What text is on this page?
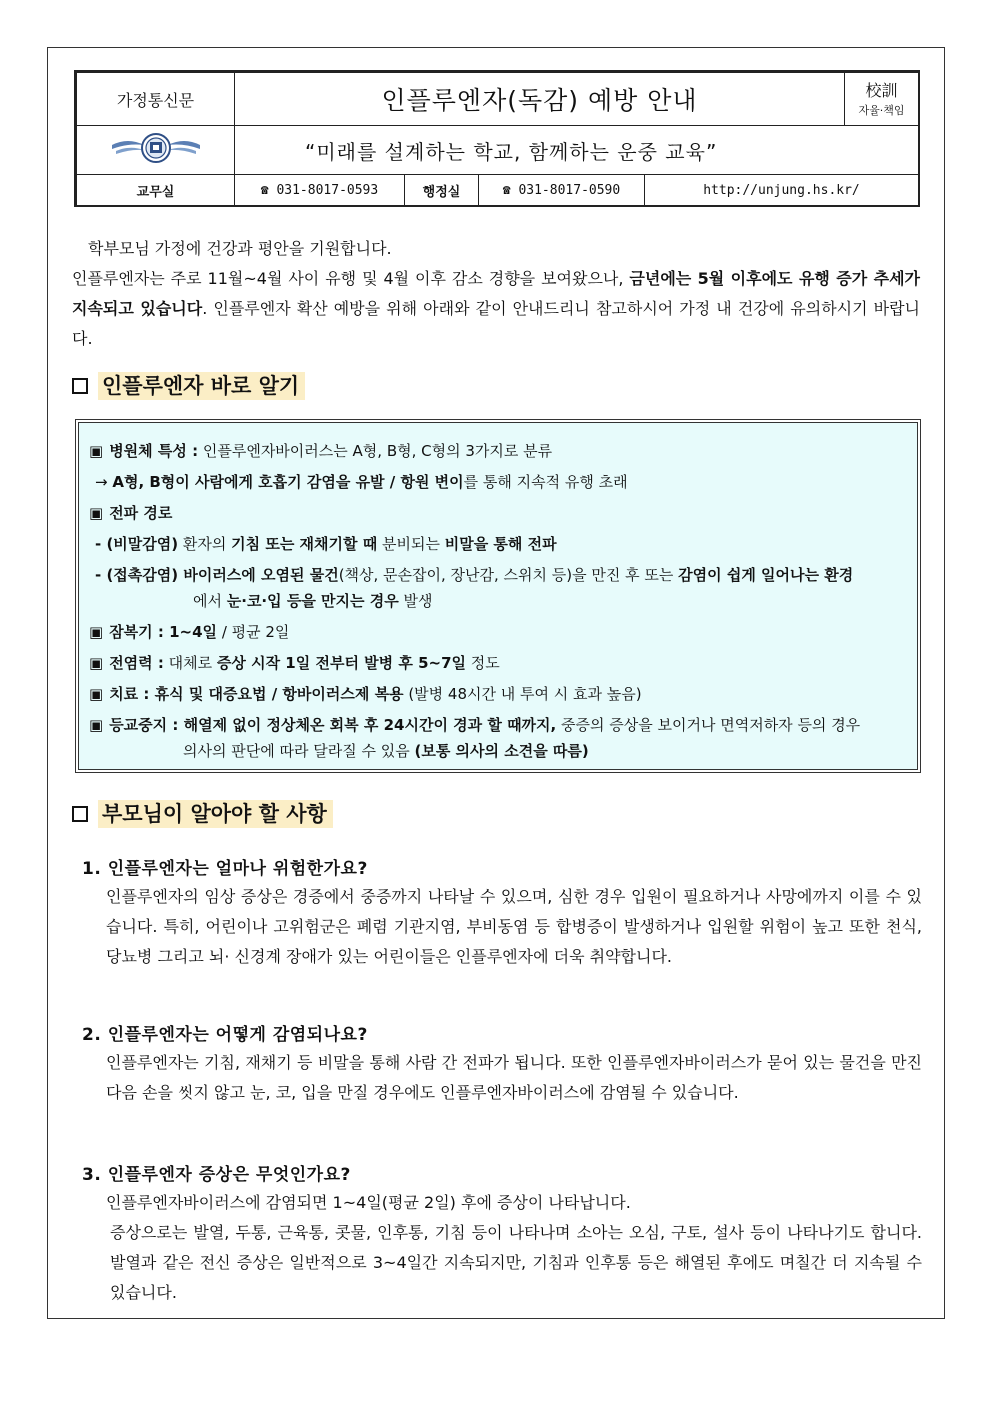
가정통신문	인플루엔자(독감) 예방 안내				校訓
자율·책임

	“미래를 설계하는 학교, 함께하는 운중 교육”				
교무실	☎ 031-8017-0593	행정실	☎ 031-8017-0590	http://unjung.hs.kr/	

학부모님 가정에 건강과 평안을 기원합니다.

인플루엔자는 주로 11월~4월 사이 유행 및 4월 이후 감소 경향을 보여왔으나, 금년에는 5월 이후에도 유행 증가 추세가 지속되고 있습니다. 인플루엔자 확산 예방을 위해 아래와 같이 안내드리니 참고하시어 가정 내 건강에 유의하시기 바랍니다.

인플루엔자 바로 알기
▣ 병원체 특성 : 인플루엔자바이러스는 A형, B형, C형의 3가지로 분류
→ A형, B형이 사람에게 호흡기 감염을 유발 / 항원 변이를 통해 지속적 유행 초래
▣ 전파 경로
- (비말감염) 환자의 기침 또는 재채기할 때 분비되는 비말을 통해 전파
- (접촉감염) 바이러스에 오염된 물건(책상, 문손잡이, 장난감, 스위치 등)을 만진 후 또는 감염이 쉽게 일어나는 환경
에서 눈·코·입 등을 만지는 경우 발생
▣ 잠복기 : 1~4일 / 평균 2일
▣ 전염력 : 대체로 증상 시작 1일 전부터 발병 후 5~7일 정도
▣ 치료 : 휴식 및 대증요법 / 항바이러스제 복용 (발병 48시간 내 투여 시 효과 높음)
▣ 등교중지 : 해열제 없이 정상체온 회복 후 24시간이 경과 할 때까지, 중증의 증상을 보이거나 면역저하자 등의 경우
의사의 판단에 따라 달라질 수 있음 (보통 의사의 소견을 따름)
부모님이 알아야 할 사항
1. 인플루엔자는 얼마나 위험한가요?

인플루엔자의 임상 증상은 경증에서 중증까지 나타날 수 있으며, 심한 경우 입원이 필요하거나 사망에까지 이를 수 있습니다. 특히, 어린이나 고위험군은 폐렴 기관지염, 부비동염 등 합병증이 발생하거나 입원할 위험이 높고 또한 천식, 당뇨병 그리고 뇌· 신경계 장애가 있는 어린이들은 인플루엔자에 더욱 취약합니다.

2. 인플루엔자는 어떻게 감염되나요?

인플루엔자는 기침, 재채기 등 비말을 통해 사람 간 전파가 됩니다. 또한 인플루엔자바이러스가 묻어 있는 물건을 만진 다음 손을 씻지 않고 눈, 코, 입을 만질 경우에도 인플루엔자바이러스에 감염될 수 있습니다.

3. 인플루엔자 증상은 무엇인가요?

인플루엔자바이러스에 감염되면 1~4일(평균 2일) 후에 증상이 나타납니다.

증상으로는 발열, 두통, 근육통, 콧물, 인후통, 기침 등이 나타나며 소아는 오심, 구토, 설사 등이 나타나기도 합니다. 발열과 같은 전신 증상은 일반적으로 3~4일간 지속되지만, 기침과 인후통 등은 해열된 후에도 며칠간 더 지속될 수 있습니다.
